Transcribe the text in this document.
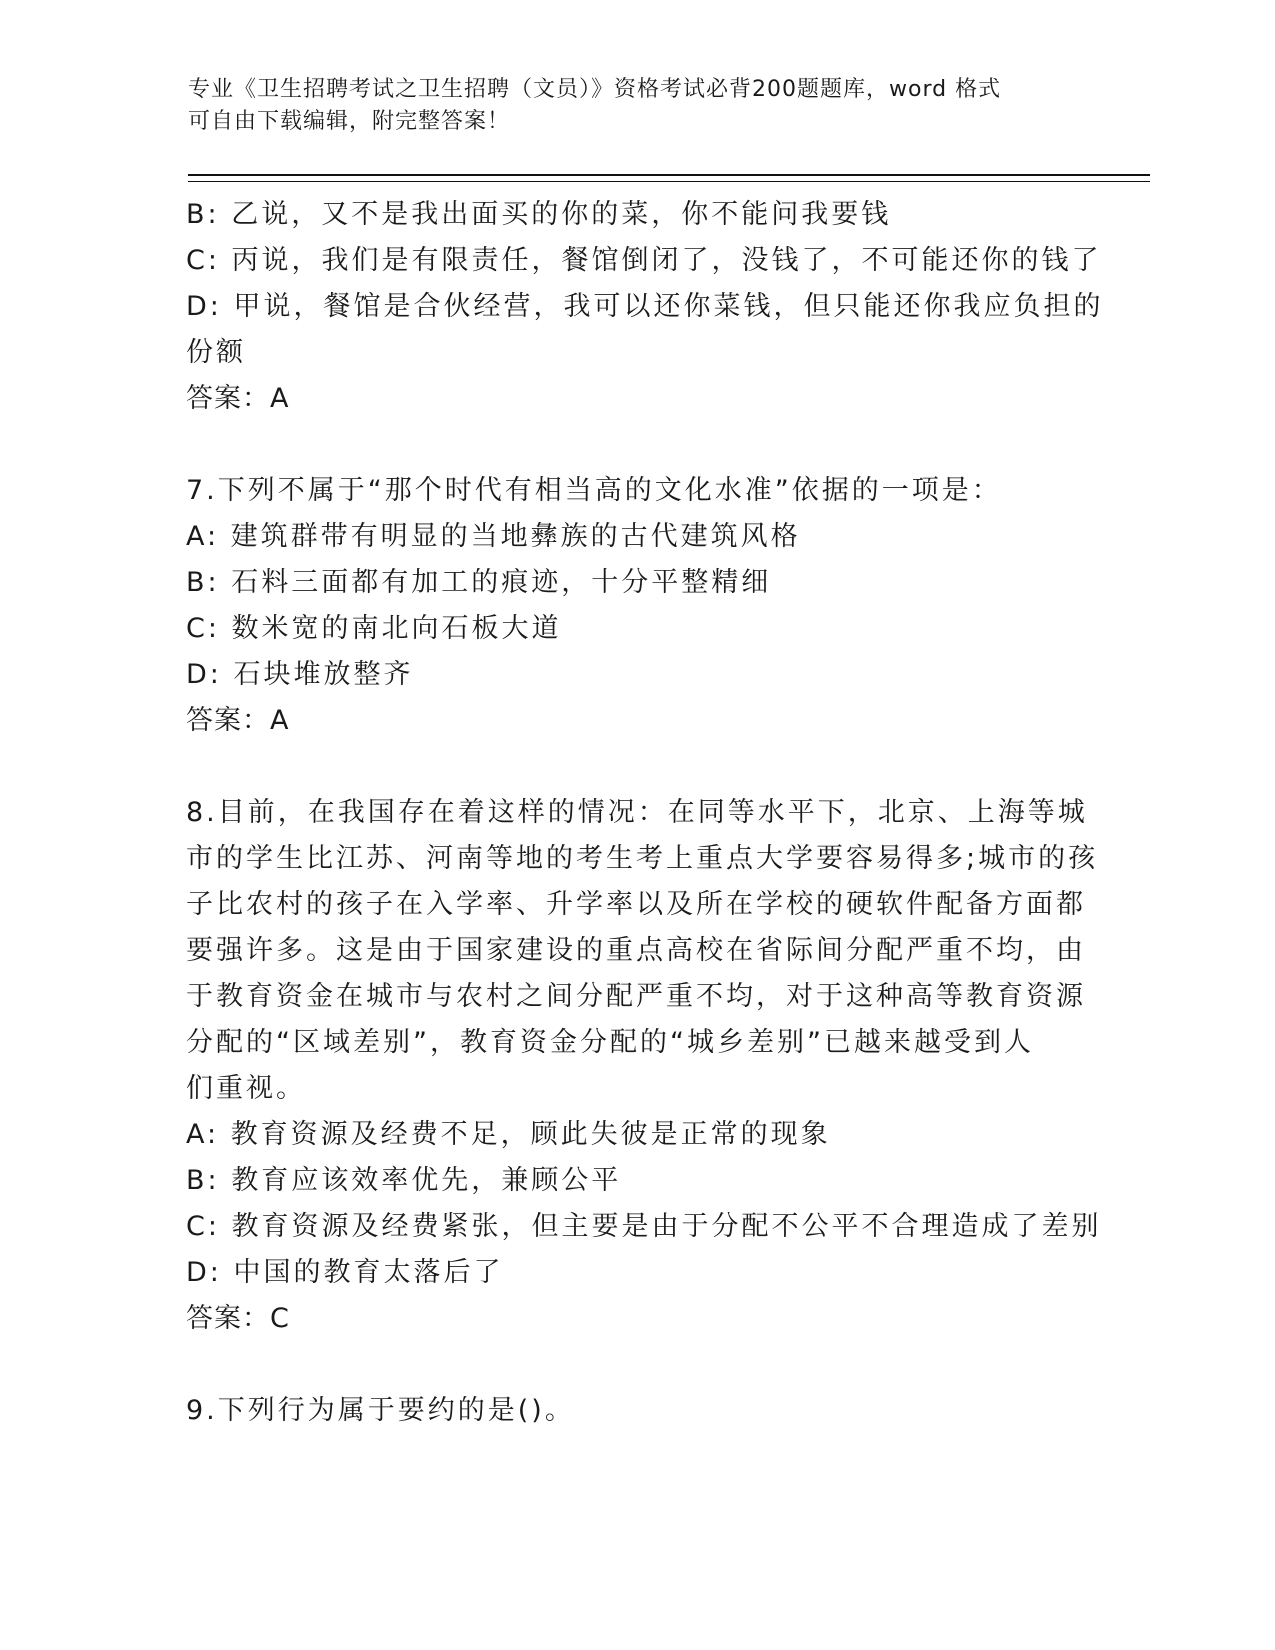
专业《卫生招聘考试之卫生招聘（文员）》资格考试必背200题题库，word 格式
可自由下载编辑，附完整答案！
B: 乙说，又不是我出面买的你的菜，你不能问我要钱
C: 丙说，我们是有限责任，餐馆倒闭了，没钱了，不可能还你的钱了
D: 甲说，餐馆是合伙经营，我可以还你菜钱，但只能还你我应负担的
份额
答案：A
7.下列不属于“那个时代有相当高的文化水准”依据的一项是：
A: 建筑群带有明显的当地彝族的古代建筑风格
B: 石料三面都有加工的痕迹，十分平整精细
C: 数米宽的南北向石板大道
D: 石块堆放整齐
答案：A
8.目前，在我国存在着这样的情况：在同等水平下，北京、上海等城
市的学生比江苏、河南等地的考生考上重点大学要容易得多;城市的孩
子比农村的孩子在入学率、升学率以及所在学校的硬软件配备方面都
要强许多。这是由于国家建设的重点高校在省际间分配严重不均，由
于教育资金在城市与农村之间分配严重不均，对于这种高等教育资源
分配的“区域差别”，教育资金分配的“城乡差别”已越来越受到人
们重视。
A: 教育资源及经费不足，顾此失彼是正常的现象
B: 教育应该效率优先，兼顾公平
C: 教育资源及经费紧张，但主要是由于分配不公平不合理造成了差别
D: 中国的教育太落后了
答案：C
9.下列行为属于要约的是()。
